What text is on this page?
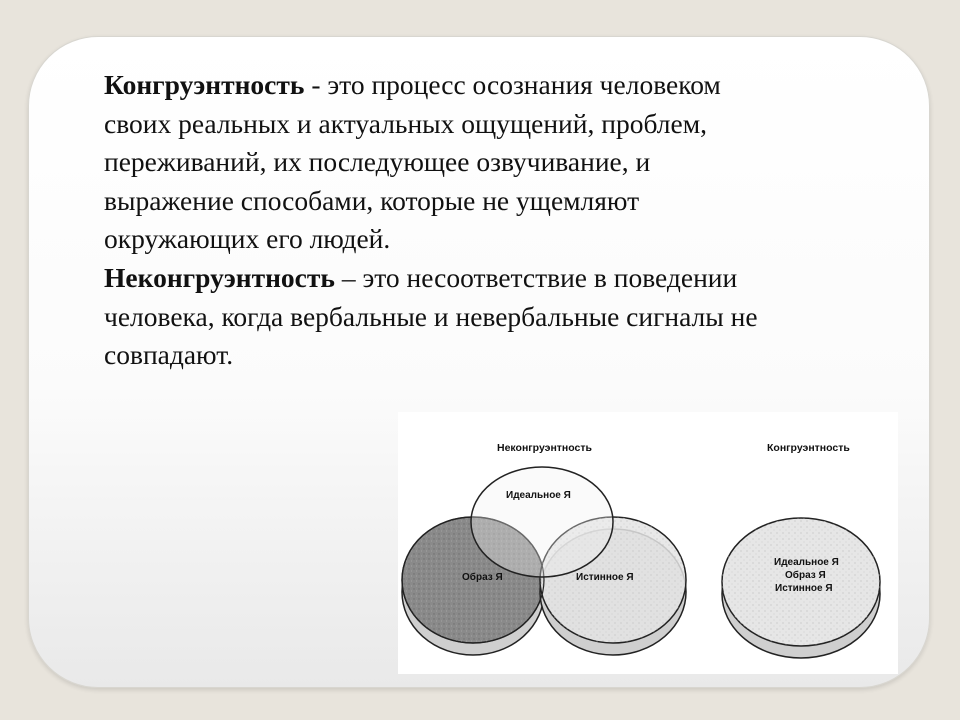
Конгруэнтность - это процесс осознания человеком своих реальных и актуальных ощущений, проблем, переживаний, их последующее озвучивание, и выражение способами, которые не ущемляют окружающих его людей.

Неконгруэнтность – это несоответствие в поведении человека, когда вербальные и невербальные сигналы не совпадают.

Неконгруэнтность
Идеальное Я
Образ Я	Истинное Я
Конгруэнтность
Идеальное Я
Образ Я
Истинное Я
